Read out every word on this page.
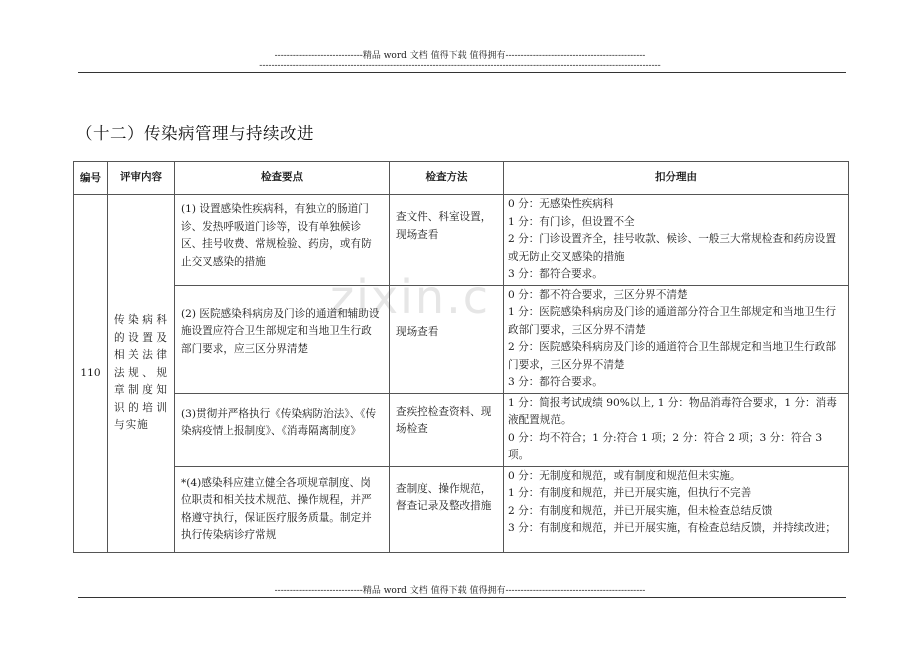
-----------------------------精品 word 文档 值得下载 值得拥有----------------------------------------------
------------------------------------------------------------------------------------------------------------------------------------
（十二）传染病管理与持续改进
zixin.c
编号	评审内容	检查要点	检查方法	扣分理由
110	传染病科的设置及相关法律法规、规章制度知识的培训与实施	(1) 设置感染性疾病科，有独立的肠道门诊、发热呼吸道门诊等，设有单独候诊区、挂号收费、常规检验、药房，或有防止交叉感染的措施	查文件、科室设置，现场查看	0 分：无感染性疾病科
1 分：有门诊，但设置不全
2 分：门诊设置齐全，挂号收款、候诊、一般三大常规检查和药房设置或无防止交叉感染的措施
3 分：都符合要求。

		(2) 医院感染科病房及门诊的通道和辅助设施设置应符合卫生部规定和当地卫生行政部门要求，应三区分界清楚	现场查看	0 分：都不符合要求，三区分界不清楚
1 分：医院感染科病房及门诊的通道部分符合卫生部规定和当地卫生行政部门要求，三区分界不清楚
2 分：医院感染科病房及门诊的通道符合卫生部规定和当地卫生行政部门要求，三区分界不清楚
3 分：都符合要求。

		(3)贯彻并严格执行《传染病防治法》、《传染病疫情上报制度》、《消毒隔离制度》	查疾控检查资料、现场检查	1 分：简报考试成绩 90%以上, 1 分：物品消毒符合要求，1 分：消毒液配置规范。
0 分：均不符合；1 分:符合 1 项；2 分：符合 2 项；3 分：符合 3 项。

		*(4)感染科应建立健全各项规章制度、岗位职责和相关技术规范、操作规程，并严格遵守执行，保证医疗服务质量。制定并执行传染病诊疗常规	查制度、操作规范，督查记录及整改措施	0 分：无制度和规范，或有制度和规范但未实施。
1 分：有制度和规范，并已开展实施，但执行不完善
2 分：有制度和规范，并已开展实施，但未检查总结反馈
3 分：有制度和规范，并已开展实施，有检查总结反馈，并持续改进；
-----------------------------精品 word 文档 值得下载 值得拥有----------------------------------------------
